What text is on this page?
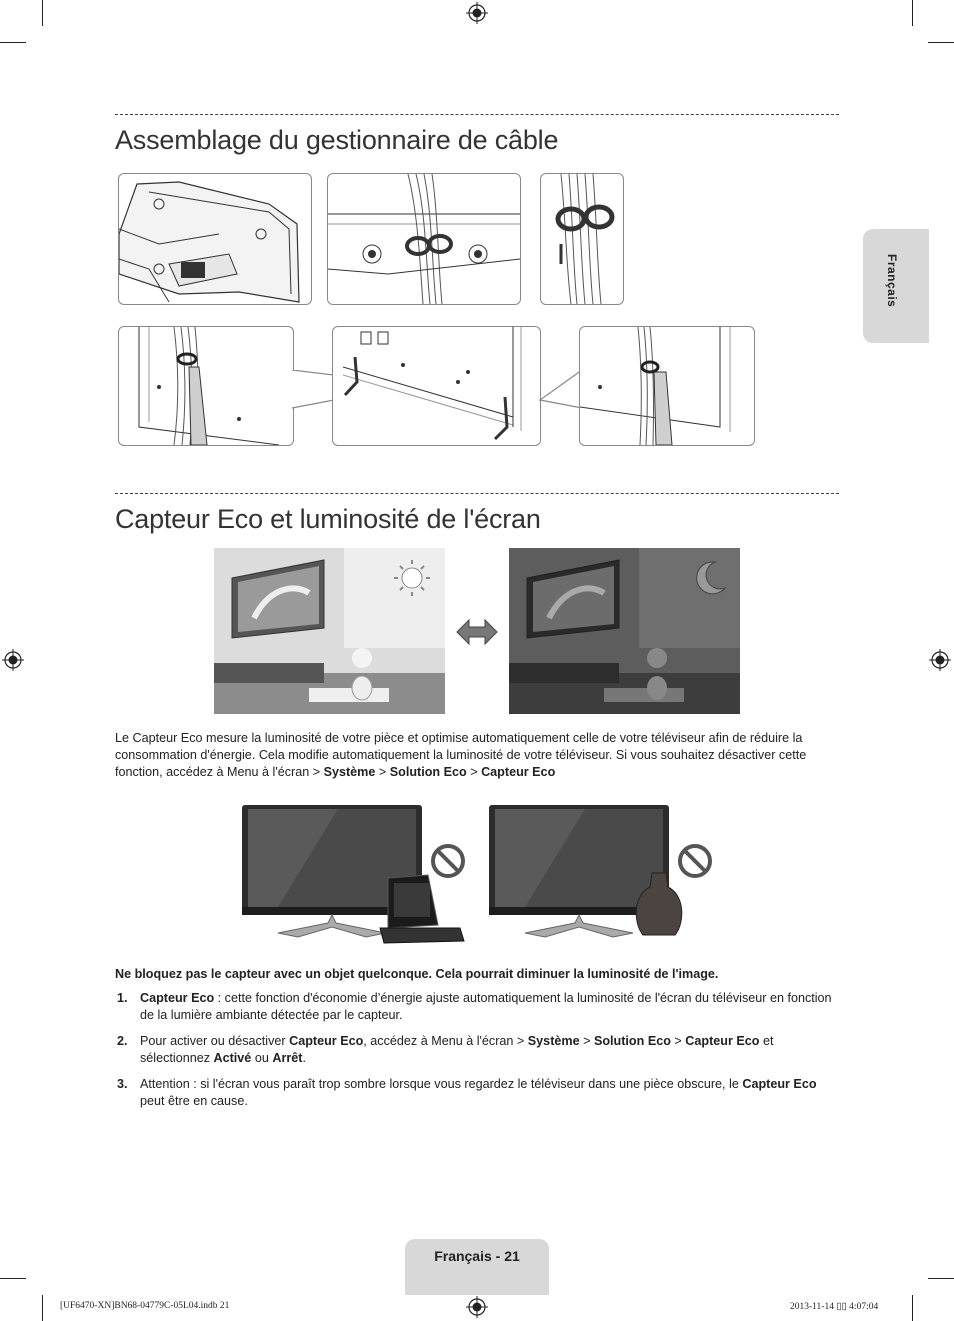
Français
Assemblage du gestionnaire de câble
Capteur Eco et luminosité de l'écran

Le Capteur Eco mesure la luminosité de votre pièce et optimise automatiquement celle de votre téléviseur afin de réduire la consommation d'énergie. Cela modifie automatiquement la luminosité de votre téléviseur. Si vous souhaitez désactiver cette fonction, accédez à Menu à l'écran > Système > Solution Eco > Capteur Eco

Ne bloquez pas le capteur avec un objet quelconque. Cela pourrait diminuer la luminosité de l'image.

1. Capteur Eco : cette fonction d'économie d’énergie ajuste automatiquement la luminosité de l'écran du téléviseur en fonction de la lumière ambiante détectée par le capteur.
2. Pour activer ou désactiver Capteur Eco, accédez à Menu à l'écran > Système > Solution Eco > Capteur Eco et sélectionnez Activé ou Arrêt.
3. Attention : si l'écran vous paraît trop sombre lorsque vous regardez le téléviseur dans une pièce obscure, le Capteur Eco peut être en cause.
Français - 21
[UF6470-XN]BN68-04779C-05L04.indb 21	2013-11-14 ▯▯ 4:07:04
